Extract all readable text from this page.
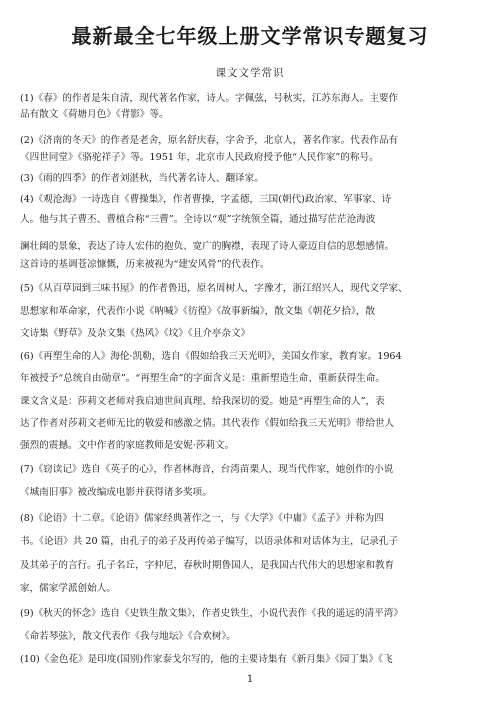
最新最全七年级上册文学常识专题复习
课文文学常识
(1)《春》的作者是朱自清，现代著名作家，诗人。字佩弦，号秋实，江苏东海人。主要作
品有散文《荷塘月色》《背影》等。
(2)《济南的冬天》的作者是老舍，原名舒庆春，字舍予，北京人，著名作家。代表作品有
《四世同堂》《骆驼祥子》等。1951 年，北京市人民政府授予他“人民作家”的称号。
(3)《雨的四季》的作者刘湛秋，当代著名诗人、翻译家。
(4)《观沧海》一诗选自《曹操集》，作者曹操，字孟德，三国(朝代)政治家、军事家、诗
人。他与其子曹丕、曹植合称“三曹”。全诗以“观”字统领全篇，通过描写茫茫沧海波
澜壮阔的景象，表达了诗人宏伟的抱负、宽广的胸襟，表现了诗人豪迈自信的思想感情。
这首诗的基调苍凉慷慨，历来被视为“建安风骨”的代表作。
(5)《从百草园到三味书屋》的作者鲁迅，原名周树人，字豫才，浙江绍兴人，现代文学家、
思想家和革命家，代表作小说《呐喊》《彷徨》《故事新编》，散文集《朝花夕拾》，散
文诗集《野草》及杂文集《热风》《坟》《且介亭杂文》
(6)《再塑生命的人》海伦·凯勒，选自《假如给我三天光明》，美国女作家，教育家。1964
年被授予“总统自由勋章”。“再塑生命”的字面含义是：重新塑造生命、重新获得生命。
课文含义是：莎莉文老师对我启迪世间真理、给我深切的爱。她是“再塑生命的人”，表
达了作者对莎莉文老师无比的敬爱和感激之情。其代表作《假如给我三天光明》带给世人
强烈的震撼。文中作者的家庭教师是安妮·莎莉文。
(7)《窃读记》选自《英子的心》，作者林海音，台湾苗栗人，现当代作家，她创作的小说
《城南旧事》被改编成电影并获得诸多奖项。
(8)《论语》十二章。《论语》儒家经典著作之一，与《大学》《中庸》《孟子》并称为四
书。《论语》共 20 篇，由孔子的弟子及再传弟子编写，以语录体和对话体为主，记录孔子
及其弟子的言行。孔子名丘，字仲尼，春秋时期鲁国人，是我国古代伟大的思想家和教育
家，儒家学派创始人。
(9)《秋天的怀念》选自《史铁生散文集》，作者史铁生，小说代表作《我的遥远的清平湾》
《命若琴弦》，散文代表作《我与地坛》《合欢树》。
(10)《金色花》是印度(国别)作家泰戈尔写的，他的主要诗集有《新月集》《园丁集》《飞
1
